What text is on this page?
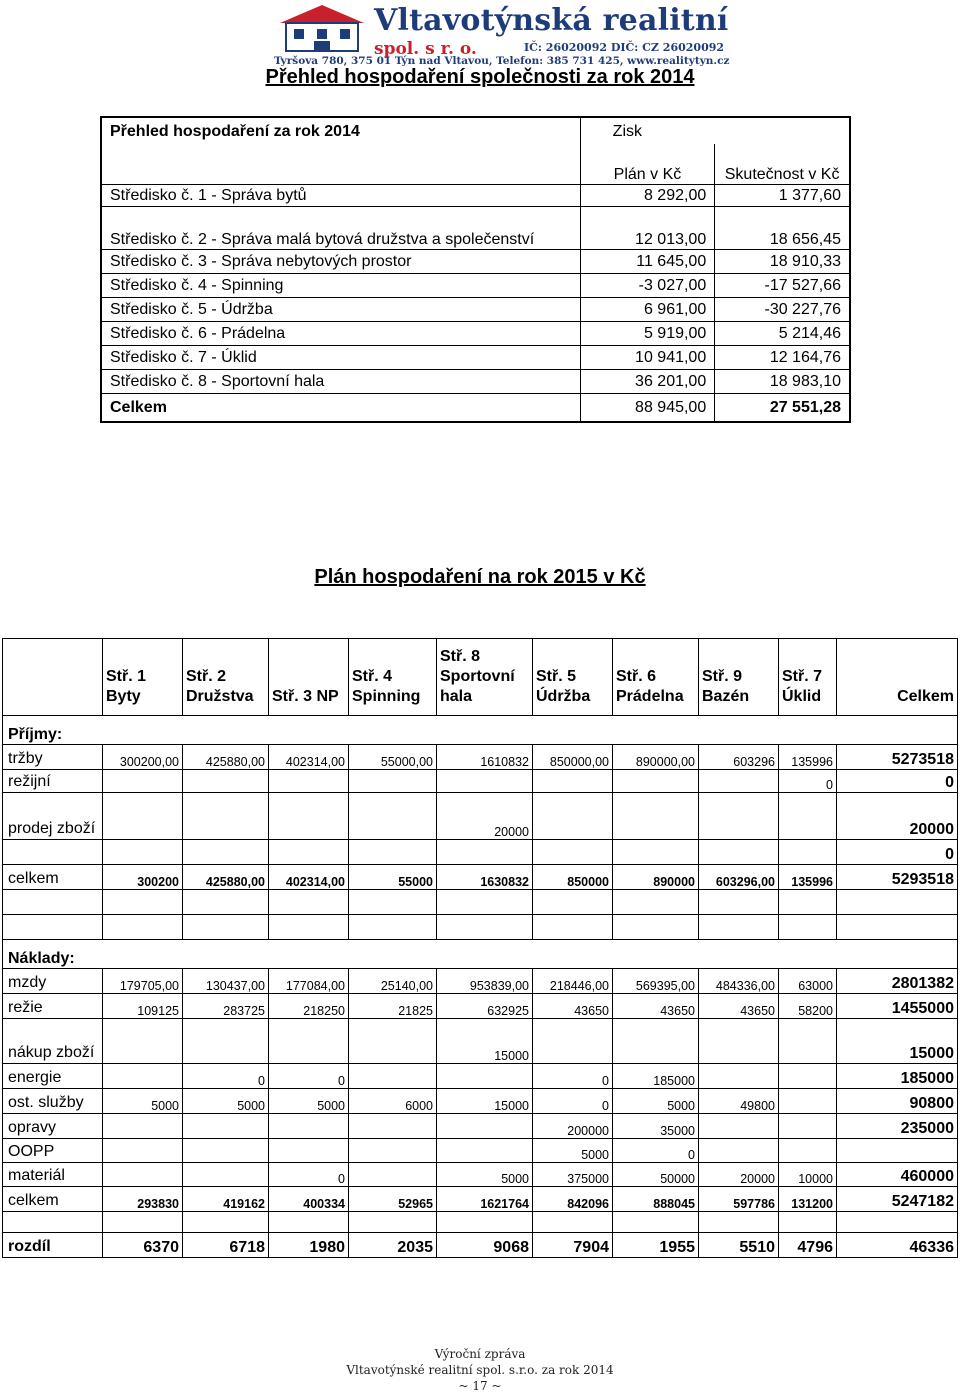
Vltavotýnská realitní
spol. s r. o.	IČ: 26020092 DIČ: CZ 26020092
Tyršova 780, 375 01 Týn nad Vltavou, Telefon: 385 731 425, www.realitytyn.cz
Přehled hospodaření společnosti za rok 2014
Přehled hospodaření za rok 2014	Zisk	
	Plán v Kč	Skutečnost v Kč
Středisko č. 1 - Správa bytů	8 292,00	1 377,60
Středisko č. 2 - Správa malá bytová družstva a společenství	12 013,00	18 656,45
Středisko č. 3 - Správa nebytových prostor	11 645,00	18 910,33
Středisko č. 4 - Spinning	-3 027,00	-17 527,66
Středisko č. 5 - Údržba	6 961,00	-30 227,76
Středisko č. 6 - Prádelna	5 919,00	5 214,46
Středisko č. 7 - Úklid	10 941,00	12 164,76
Středisko č. 8 - Sportovní hala	36 201,00	18 983,10
Celkem	88 945,00	27 551,28
Plán hospodaření na rok 2015 v Kč
	Stř. 1 Byty	Stř. 2 Družstva	Stř. 3 NP	Stř. 4 Spinning	Stř. 8 Sportovní hala	Stř. 5 Údržba	Stř. 6 Prádelna	Stř. 9 Bazén	Stř. 7 Úklid	Celkem
Příjmy:										
tržby	300200,00	425880,00	402314,00	55000,00	1610832	850000,00	890000,00	603296	135996	5273518
režijní									0	0
prodej zboží					20000					20000
										0
celkem	300200	425880,00	402314,00	55000	1630832	850000	890000	603296,00	135996	5293518

Náklady:										
mzdy	179705,00	130437,00	177084,00	25140,00	953839,00	218446,00	569395,00	484336,00	63000	2801382
režie	109125	283725	218250	21825	632925	43650	43650	43650	58200	1455000
nákup zboží					15000					15000
energie		0	0			0	185000			185000
ost. služby	5000	5000	5000	6000	15000	0	5000	49800		90800
opravy						200000	35000			235000
OOPP						5000	0			
materiál			0		5000	375000	50000	20000	10000	460000
celkem	293830	419162	400334	52965	1621764	842096	888045	597786	131200	5247182

rozdíl	6370	6718	1980	2035	9068	7904	1955	5510	4796	46336
Výroční zpráva
Vltavotýnské realitní spol. s.r.o. za rok 2014
~ 17 ~
